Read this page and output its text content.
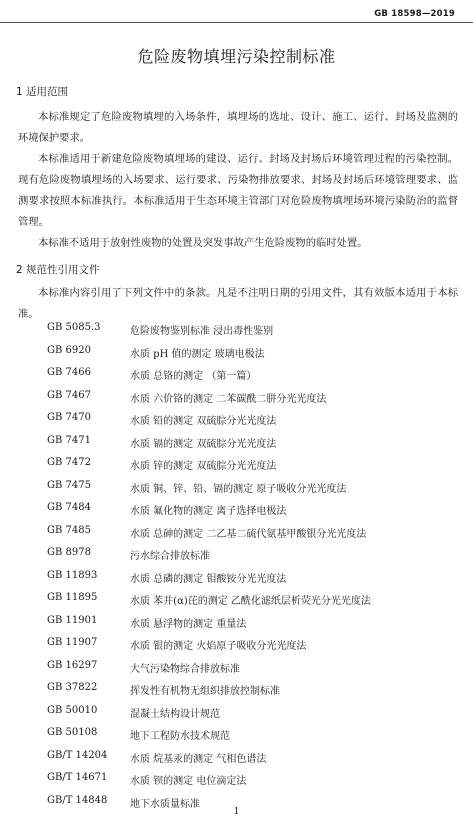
GB 18598—2019
危险废物填埋污染控制标准
1 适用范围

本标准规定了危险废物填埋的入场条件，填埋场的选址、设计、施工、运行、封场及监测的环境保护要求。

本标准适用于新建危险废物填埋场的建设、运行、封场及封场后环境管理过程的污染控制。现有危险废物填埋场的入场要求、运行要求、污染物排放要求、封场及封场后环境管理要求、监测要求按照本标准执行。本标准适用于生态环境主管部门对危险废物填埋场环境污染防治的监督管理。

本标准不适用于放射性废物的处置及突发事故产生危险废物的临时处置。

2 规范性引用文件

本标准内容引用了下列文件中的条款。凡是不注明日期的引用文件，其有效版本适用于本标准。

GB 5085.3	危险废物鉴别标准 浸出毒性鉴别
GB 6920	水质 pH 值的测定 玻璃电极法
GB 7466	水质 总铬的测定 （第一篇）
GB 7467	水质 六价铬的测定 二苯碳酰二肼分光光度法
GB 7470	水质 铅的测定 双硫腙分光光度法
GB 7471	水质 镉的测定 双硫腙分光光度法
GB 7472	水质 锌的测定 双硫腙分光光度法
GB 7475	水质 铜、锌、铅、镉的测定 原子吸收分光光度法
GB 7484	水质 氟化物的测定 离子选择电极法
GB 7485	水质 总砷的测定 二乙基二硫代氨基甲酸银分光光度法
GB 8978	污水综合排放标准
GB 11893	水质 总磷的测定 钼酸铵分光光度法
GB 11895	水质 苯并(α)芘的测定 乙酰化滤纸层析荧光分光光度法
GB 11901	水质 悬浮物的测定 重量法
GB 11907	水质 银的测定 火焰原子吸收分光光度法
GB 16297	大气污染物综合排放标准
GB 37822	挥发性有机物无组织排放控制标准
GB 50010	混凝土结构设计规范
GB 50108	地下工程防水技术规范
GB/T 14204 水质 烷基汞的测定 气相色谱法
GB/T 14671 水质 钡的测定 电位滴定法
GB/T 14848 地下水质量标准
1
